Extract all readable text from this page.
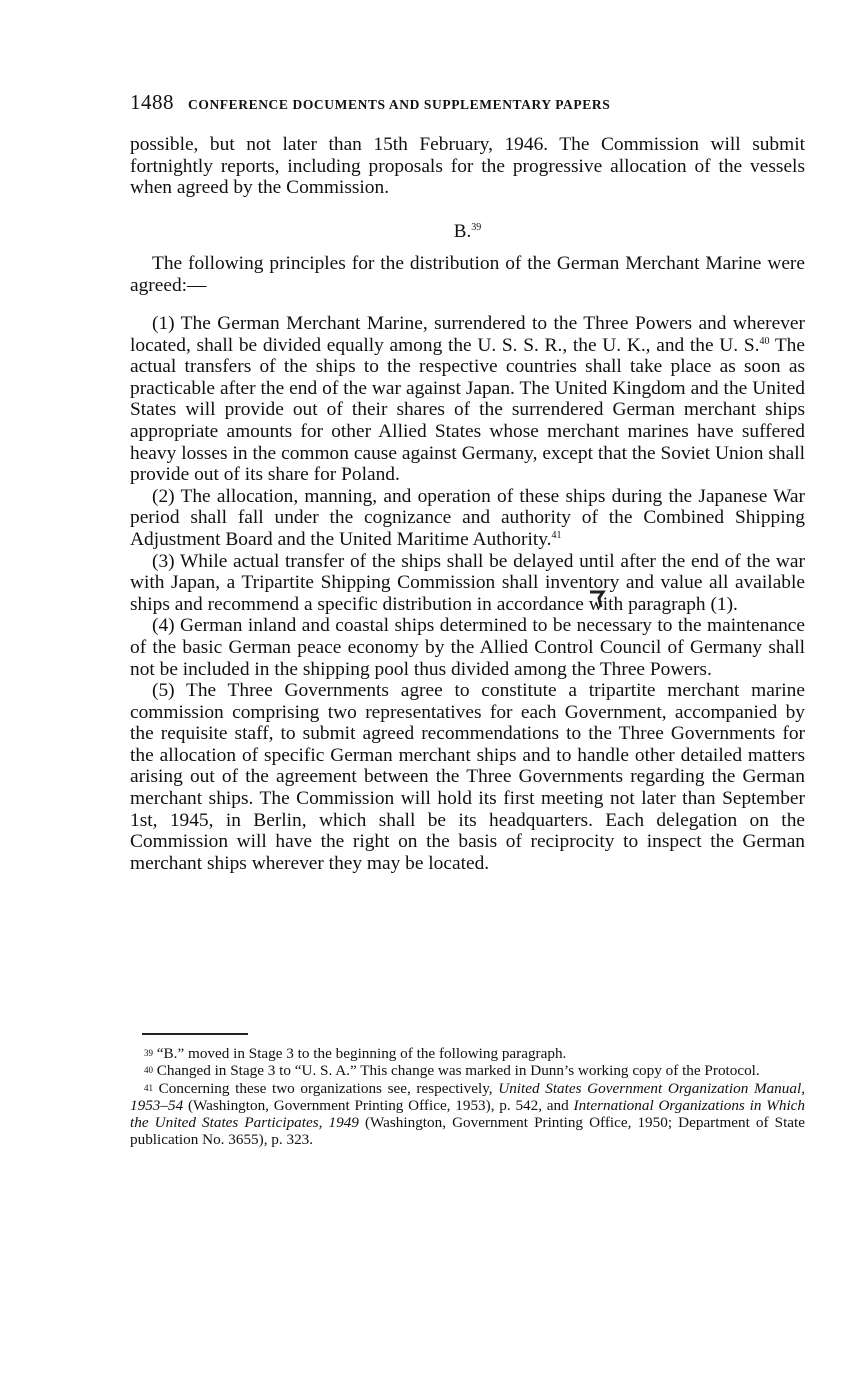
1488 CONFERENCE DOCUMENTS AND SUPPLEMENTARY PAPERS

possible, but not later than 15th February, 1946. The Commission will submit fortnightly reports, including proposals for the progressive allocation of the vessels when agreed by the Commission.

B.$^{39}$

The following principles for the distribution of the German Merchant Marine were agreed:—

(1) The German Merchant Marine, surrendered to the Three Powers and wherever located, shall be divided equally among the U. S. S. R., the U. K., and the U. S.$^{40}$ The actual transfers of the ships to the respective countries shall take place as soon as practicable after the end of the war against Japan. The United Kingdom and the United States will provide out of their shares of the surrendered German merchant ships appropriate amounts for other Allied States whose merchant marines have suffered heavy losses in the common cause against Germany, except that the Soviet Union shall provide out of its share for Poland.

(2) The allocation, manning, and operation of these ships during the Japanese War period shall fall under the cognizance and authority of the Combined Shipping Adjustment Board and the United Maritime Authority.$^{41}$

(3) While actual transfer of the ships shall be delayed until after the end of the war with Japan, a Tripartite Shipping Commission shall inventory and value all available ships and recommend a specific distribution in accordance with paragraph (1).

(4) German inland and coastal ships determined to be necessary to the maintenance of the basic German peace economy by the Allied Control Council of Germany shall not be included in the shipping pool thus divided among the Three Powers.

(5) The Three Governments agree to constitute a tripartite merchant marine commission comprising two representatives for each Government, accompanied by the requisite staff, to submit agreed recommendations to the Three Governments for the allocation of specific German merchant ships and to handle other detailed matters arising out of the agreement between the Three Governments regarding the German merchant ships. The Commission will hold its first meeting not later than September 1st, 1945, in Berlin, which shall be its headquarters. Each delegation on the Commission will have the right on the basis of reciprocity to inspect the German merchant ships wherever they may be located.

$^{39}$ “B.” moved in Stage 3 to the beginning of the following paragraph.

$^{40}$ Changed in Stage 3 to “U. S. A.” This change was marked in Dunn’s working copy of the Protocol.

$^{41}$ Concerning these two organizations see, respectively, United States Government Organization Manual, 1953–54 (Washington, Government Printing Office, 1953), p. 542, and International Organizations in Which the United States Participates, 1949 (Washington, Government Printing Office, 1950; Department of State publication No. 3655), p. 323.
